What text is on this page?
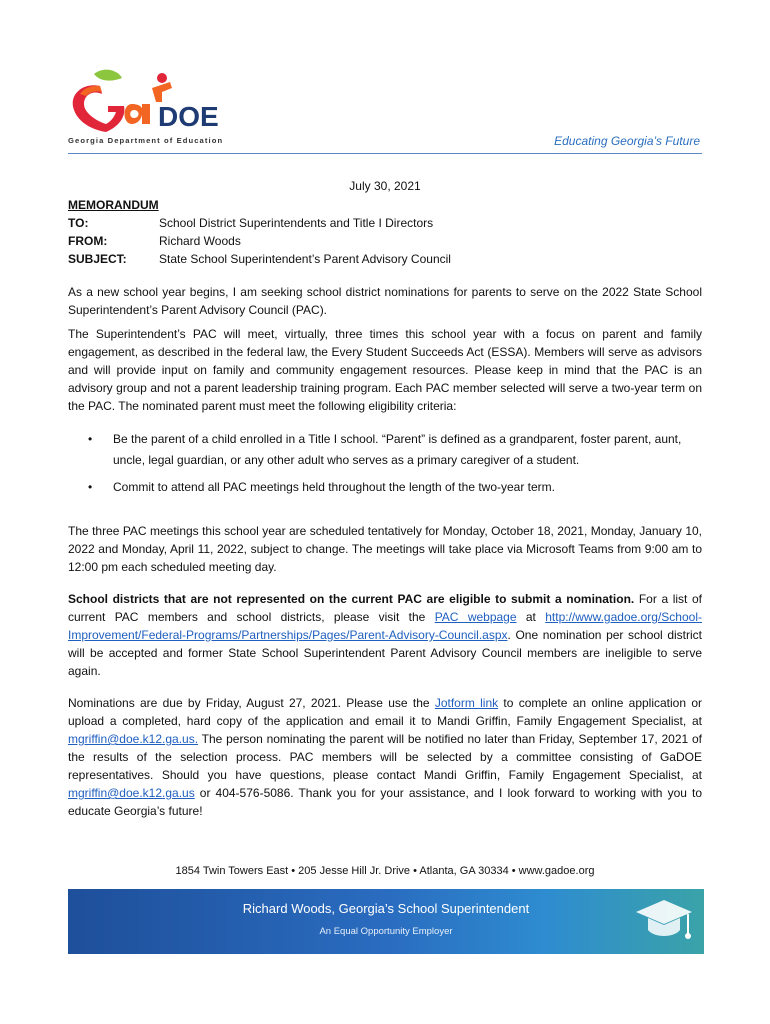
DOE
Georgia Department of Education	Educating Georgia’s Future
July 30, 2021
MEMORANDUM
TO:	School District Superintendents and Title I Directors
FROM:	Richard Woods
SUBJECT:	State School Superintendent’s Parent Advisory Council

As a new school year begins, I am seeking school district nominations for parents to serve on the 2022 State School Superintendent’s Parent Advisory Council (PAC).

The Superintendent’s PAC will meet, virtually, three times this school year with a focus on parent and family engagement, as described in the federal law, the Every Student Succeeds Act (ESSA). Members will serve as advisors and will provide input on family and community engagement resources. Please keep in mind that the PAC is an advisory group and not a parent leadership training program. Each PAC member selected will serve a two-year term on the PAC. The nominated parent must meet the following eligibility criteria:

• Be the parent of a child enrolled in a Title I school. “Parent” is defined as a grandparent, foster parent, aunt, uncle, legal guardian, or any other adult who serves as a primary caregiver of a student.
• Commit to attend all PAC meetings held throughout the length of the two-year term.

The three PAC meetings this school year are scheduled tentatively for Monday, October 18, 2021, Monday, January 10, 2022 and Monday, April 11, 2022, subject to change. The meetings will take place via Microsoft Teams from 9:00 am to 12:00 pm each scheduled meeting day.

School districts that are not represented on the current PAC are eligible to submit a nomination. For a list of current PAC members and school districts, please visit the PAC webpage at http://www.gadoe.org/School-Improvement/Federal-Programs/Partnerships/Pages/Parent-Advisory-Council.aspx. One nomination per school district will be accepted and former State School Superintendent Parent Advisory Council members are ineligible to serve again.

Nominations are due by Friday, August 27, 2021. Please use the Jotform link to complete an online application or upload a completed, hard copy of the application and email it to Mandi Griffin, Family Engagement Specialist, at mgriffin@doe.k12.ga.us. The person nominating the parent will be notified no later than Friday, September 17, 2021 of the results of the selection process. PAC members will be selected by a committee consisting of GaDOE representatives. Should you have questions, please contact Mandi Griffin, Family Engagement Specialist, at mgriffin@doe.k12.ga.us or 404-576-5086. Thank you for your assistance, and I look forward to working with you to educate Georgia’s future!

1854 Twin Towers East • 205 Jesse Hill Jr. Drive • Atlanta, GA 30334 • www.gadoe.org
Richard Woods, Georgia’s School Superintendent
An Equal Opportunity Employer
